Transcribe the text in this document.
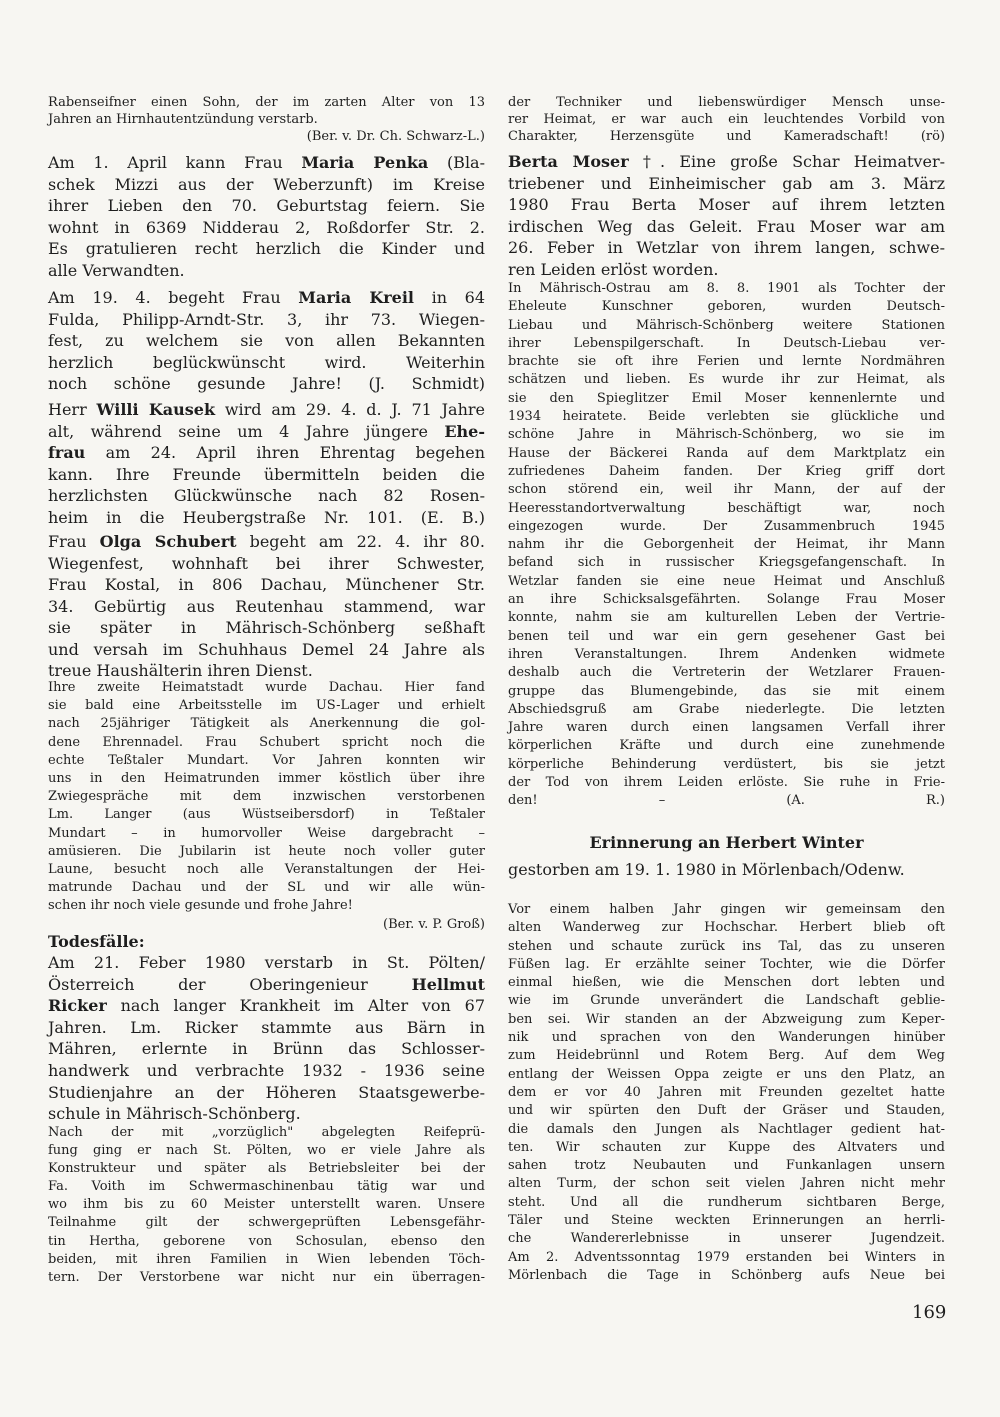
Rabenseifner einen Sohn, der im zarten Alter von 13
Jahren an Hirnhautentzündung verstarb.
(Ber. v. Dr. Ch. Schwarz-L.)
Am 1. April kann Frau Maria Penka (Bla-
schek Mizzi aus der Weberzunft) im Kreise
ihrer Lieben den 70. Geburtstag feiern. Sie
wohnt in 6369 Nidderau 2, Roßdorfer Str. 2.
Es gratulieren recht herzlich die Kinder und
alle Verwandten.
Am 19. 4. begeht Frau Maria Kreil in 64
Fulda, Philipp-Arndt-Str. 3, ihr 73. Wiegen-
fest, zu welchem sie von allen Bekannten
herzlich beglückwünscht wird. Weiterhin
noch schöne gesunde Jahre! (J. Schmidt)
Herr Willi Kausek wird am 29. 4. d. J. 71 Jahre
alt, während seine um 4 Jahre jüngere Ehe-
frau am 24. April ihren Ehrentag begehen
kann. Ihre Freunde übermitteln beiden die
herzlichsten Glückwünsche nach 82 Rosen-
heim in die Heubergstraße Nr. 101. (E. B.)
Frau Olga Schubert begeht am 22. 4. ihr 80.
Wiegenfest, wohnhaft bei ihrer Schwester,
Frau Kostal, in 806 Dachau, Münchener Str.
34. Gebürtig aus Reutenhau stammend, war
sie später in Mährisch-Schönberg seßhaft
und versah im Schuhhaus Demel 24 Jahre als
treue Haushälterin ihren Dienst.
Ihre zweite Heimatstadt wurde Dachau. Hier fand
sie bald eine Arbeitsstelle im US-Lager und erhielt
nach 25jähriger Tätigkeit als Anerkennung die gol-
dene Ehrennadel. Frau Schubert spricht noch die
echte Teßtaler Mundart. Vor Jahren konnten wir
uns in den Heimatrunden immer köstlich über ihre
Zwiegespräche mit dem inzwischen verstorbenen
Lm. Langer (aus Wüstseibersdorf) in Teßtaler
Mundart – in humorvoller Weise dargebracht –
amüsieren. Die Jubilarin ist heute noch voller guter
Laune, besucht noch alle Veranstaltungen der Hei-
matrunde Dachau und der SL und wir alle wün-
schen ihr noch viele gesunde und frohe Jahre!
(Ber. v. P. Groß)
Todesfälle:
Am 21. Feber 1980 verstarb in St. Pölten/
Österreich der Oberingenieur Hellmut
Ricker nach langer Krankheit im Alter von 67
Jahren. Lm. Ricker stammte aus Bärn in
Mähren, erlernte in Brünn das Schlosser-
handwerk und verbrachte 1932 - 1936 seine
Studienjahre an der Höheren Staatsgewerbe-
schule in Mährisch-Schönberg.
Nach der mit „vorzüglich" abgelegten Reifeprü-
fung ging er nach St. Pölten, wo er viele Jahre als
Konstrukteur und später als Betriebsleiter bei der
Fa. Voith im Schwermaschinenbau tätig war und
wo ihm bis zu 60 Meister unterstellt waren. Unsere
Teilnahme gilt der schwergeprüften Lebensgefähr-
tin Hertha, geborene von Schosulan, ebenso den
beiden, mit ihren Familien in Wien lebenden Töch-
tern. Der Verstorbene war nicht nur ein überragen-
der Techniker und liebenswürdiger Mensch unse-
rer Heimat, er war auch ein leuchtendes Vorbild von
Charakter, Herzensgüte und Kameradschaft! (rö)
Berta Moser †. Eine große Schar Heimatver-
triebener und Einheimischer gab am 3. März
1980 Frau Berta Moser auf ihrem letzten
irdischen Weg das Geleit. Frau Moser war am
26. Feber in Wetzlar von ihrem langen, schwe-
ren Leiden erlöst worden.
In Mährisch-Ostrau am 8. 8. 1901 als Tochter der
Eheleute Kunschner geboren, wurden Deutsch-
Liebau und Mährisch-Schönberg weitere Stationen
ihrer Lebenspilgerschaft. In Deutsch-Liebau ver-
brachte sie oft ihre Ferien und lernte Nordmähren
schätzen und lieben. Es wurde ihr zur Heimat, als
sie den Spieglitzer Emil Moser kennenlernte und
1934 heiratete. Beide verlebten sie glückliche und
schöne Jahre in Mährisch-Schönberg, wo sie im
Hause der Bäckerei Randa auf dem Marktplatz ein
zufriedenes Daheim fanden. Der Krieg griff dort
schon störend ein, weil ihr Mann, der auf der
Heeresstandortverwaltung beschäftigt war, noch
eingezogen wurde. Der Zusammenbruch 1945
nahm ihr die Geborgenheit der Heimat, ihr Mann
befand sich in russischer Kriegsgefangenschaft. In
Wetzlar fanden sie eine neue Heimat und Anschluß
an ihre Schicksalsgefährten. Solange Frau Moser
konnte, nahm sie am kulturellen Leben der Vertrie-
benen teil und war ein gern gesehener Gast bei
ihren Veranstaltungen. Ihrem Andenken widmete
deshalb auch die Vertreterin der Wetzlarer Frauen-
gruppe das Blumengebinde, das sie mit einem
Abschiedsgruß am Grabe niederlegte. Die letzten
Jahre waren durch einen langsamen Verfall ihrer
körperlichen Kräfte und durch eine zunehmende
körperliche Behinderung verdüstert, bis sie jetzt
der Tod von ihrem Leiden erlöste. Sie ruhe in Frie-
den! – (A. R.)
Erinnerung an Herbert Winter
gestorben am 19. 1. 1980 in Mörlenbach/Odenw.
Vor einem halben Jahr gingen wir gemeinsam den
alten Wanderweg zur Hochschar. Herbert blieb oft
stehen und schaute zurück ins Tal, das zu unseren
Füßen lag. Er erzählte seiner Tochter, wie die Dörfer
einmal hießen, wie die Menschen dort lebten und
wie im Grunde unverändert die Landschaft geblie-
ben sei. Wir standen an der Abzweigung zum Keper-
nik und sprachen von den Wanderungen hinüber
zum Heidebrünnl und Rotem Berg. Auf dem Weg
entlang der Weissen Oppa zeigte er uns den Platz, an
dem er vor 40 Jahren mit Freunden gezeltet hatte
und wir spürten den Duft der Gräser und Stauden,
die damals den Jungen als Nachtlager gedient hat-
ten. Wir schauten zur Kuppe des Altvaters und
sahen trotz Neubauten und Funkanlagen unsern
alten Turm, der schon seit vielen Jahren nicht mehr
steht. Und all die rundherum sichtbaren Berge,
Täler und Steine weckten Erinnerungen an herrli-
che Wandererlebnisse in unserer Jugendzeit.
Am 2. Adventssonntag 1979 erstanden bei Winters in
Mörlenbach die Tage in Schönberg aufs Neue bei
169
